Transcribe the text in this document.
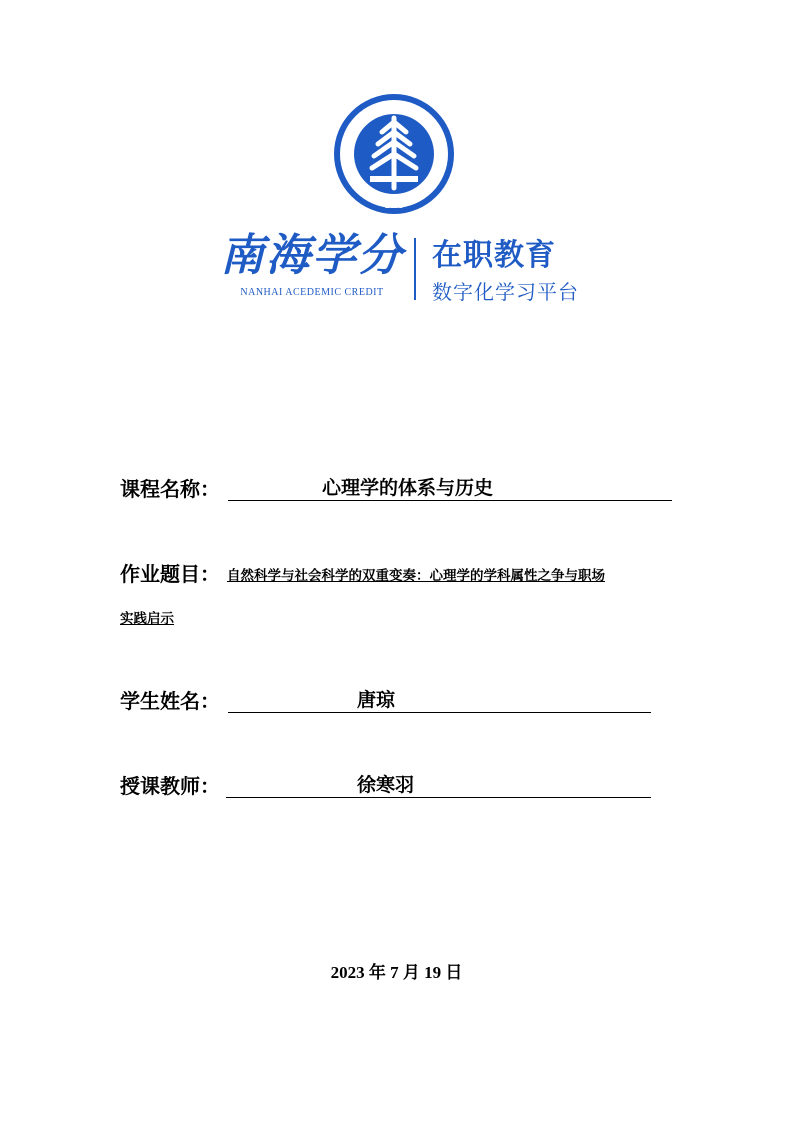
2001
南海学分
NANHAI ACEDEMIC CREDIT
在职教育
数字化学习平台
课程名称：	心理学的体系与历史
作业题目： 自然科学与社会科学的双重变奏：心理学的学科属性之争与职场
实践启示
学生姓名：	唐琼
授课教师：	徐寒羽
2023 年 7 月 19 日
